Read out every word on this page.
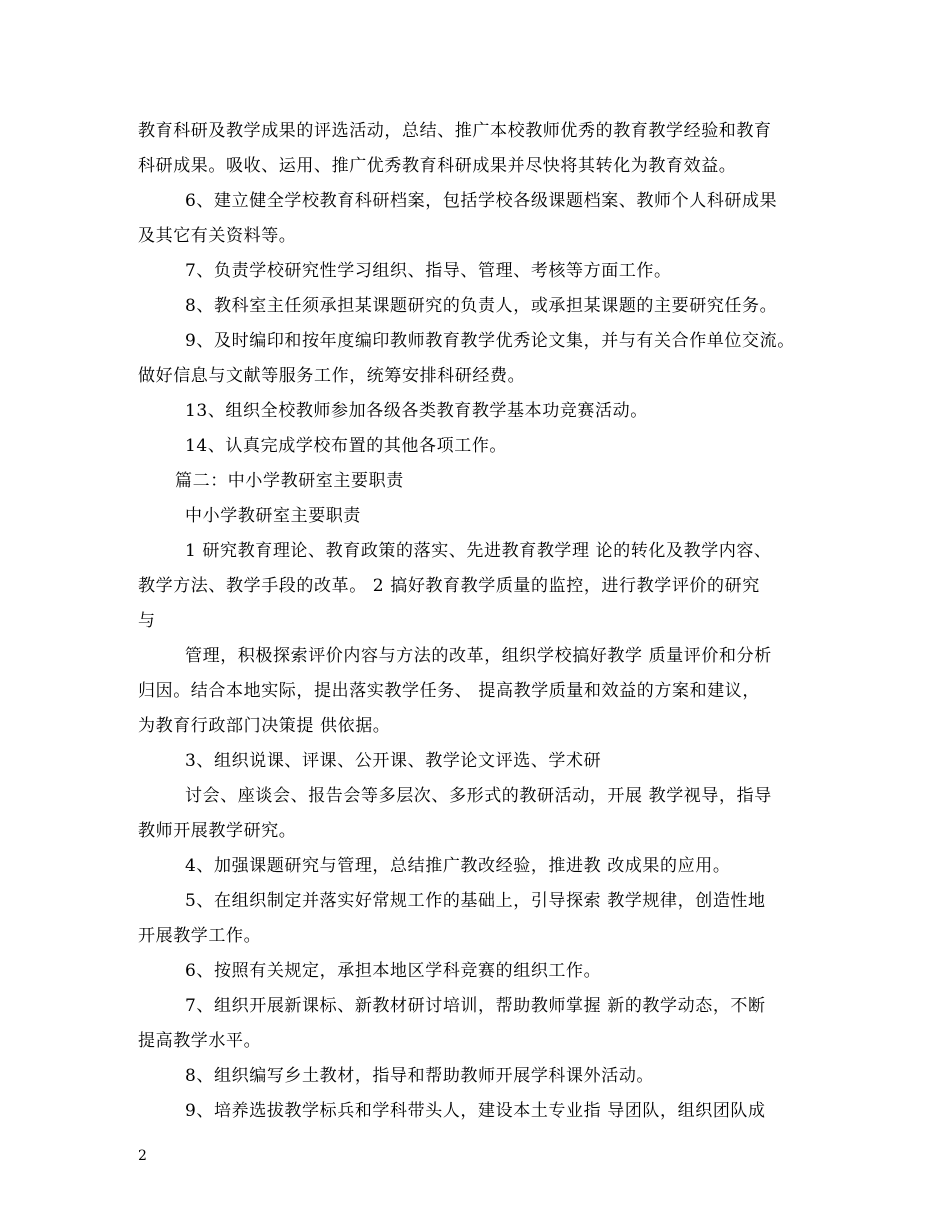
教育科研及教学成果的评选活动，总结、推广本校教师优秀的教育教学经验和教育
科研成果。吸收、运用、推广优秀教育科研成果并尽快将其转化为教育效益。
6、建立健全学校教育科研档案，包括学校各级课题档案、教师个人科研成果
及其它有关资料等。
7、负责学校研究性学习组织、指导、管理、考核等方面工作。
8、教科室主任须承担某课题研究的负责人，或承担某课题的主要研究任务。
9、及时编印和按年度编印教师教育教学优秀论文集，并与有关合作单位交流。
做好信息与文献等服务工作，统筹安排科研经费。
13、组织全校教师参加各级各类教育教学基本功竞赛活动。
14、认真完成学校布置的其他各项工作。
篇二：中小学教研室主要职责
中小学教研室主要职责
1 研究教育理论、教育政策的落实、先进教育教学理 论的转化及教学内容、
教学方法、教学手段的改革。 2 搞好教育教学质量的监控，进行教学评价的研究
与
管理，积极探索评价内容与方法的改革，组织学校搞好教学 质量评价和分析
归因。结合本地实际，提出落实教学任务、 提高教学质量和效益的方案和建议，
为教育行政部门决策提 供依据。
3、组织说课、评课、公开课、教学论文评选、学术研
讨会、座谈会、报告会等多层次、多形式的教研活动，开展 教学视导，指导
教师开展教学研究。
4、加强课题研究与管理，总结推广教改经验，推进教 改成果的应用。
5、在组织制定并落实好常规工作的基础上，引导探索 教学规律，创造性地
开展教学工作。
6、按照有关规定，承担本地区学科竞赛的组织工作。
7、组织开展新课标、新教材研讨培训，帮助教师掌握 新的教学动态，不断
提高教学水平。
8、组织编写乡土教材，指导和帮助教师开展学科课外活动。
9、培养选拔教学标兵和学科带头人，建设本土专业指 导团队，组织团队成
2
